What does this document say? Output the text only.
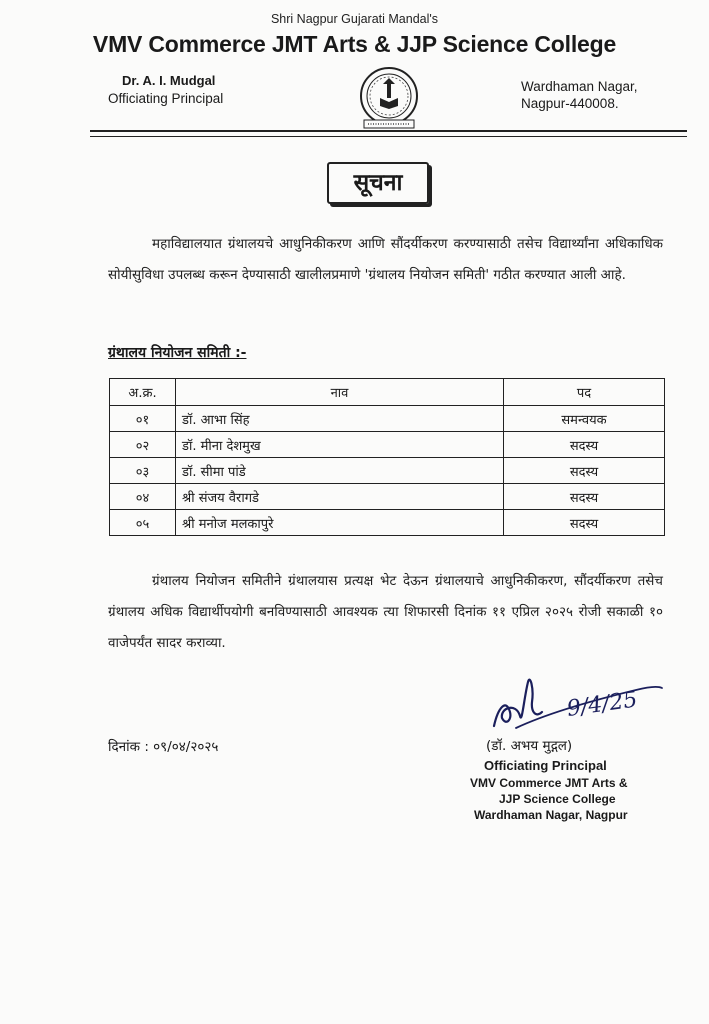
Shri Nagpur Gujarati Mandal's
VMV Commerce JMT Arts & JJP Science College
Dr. A. I. Mudgal
Officiating Principal
Wardhaman Nagar,
Nagpur-440008.
सूचना
महाविद्यालयात ग्रंथालयचे आधुनिकीकरण आणि सौंदर्यीकरण करण्यासाठी तसेच विद्यार्थ्यांना अधिकाधिक सोयीसुविधा उपलब्ध करून देण्यासाठी खालीलप्रमाणे 'ग्रंथालय नियोजन समिती' गठीत करण्यात आली आहे.
ग्रंथालय नियोजन समिती :-
अ.क्र.	नाव	पद
०१	डॉ. आभा सिंह	समन्वयक
०२	डॉ. मीना देशमुख	सदस्य
०३	डॉ. सीमा पांडे	सदस्य
०४	श्री संजय वैरागडे	सदस्य
०५	श्री मनोज मलकापुरे	सदस्य
ग्रंथालय नियोजन समितीने ग्रंथालयास प्रत्यक्ष भेट देऊन ग्रंथालयाचे आधुनिकीकरण, सौंदर्यीकरण तसेच ग्रंथालय अधिक विद्यार्थीपयोगी बनविण्यासाठी आवश्यक त्या शिफारसी दिनांक ११ एप्रिल २०२५ रोजी सकाळी १० वाजेपर्यंत सादर कराव्या.
दिनांक : ०९/०४/२०२५
9/4/25
(डॉ. अभय मुद्गल)
Officiating Principal
VMV Commerce JMT Arts &
JJP Science College
Wardhaman Nagar, Nagpur
